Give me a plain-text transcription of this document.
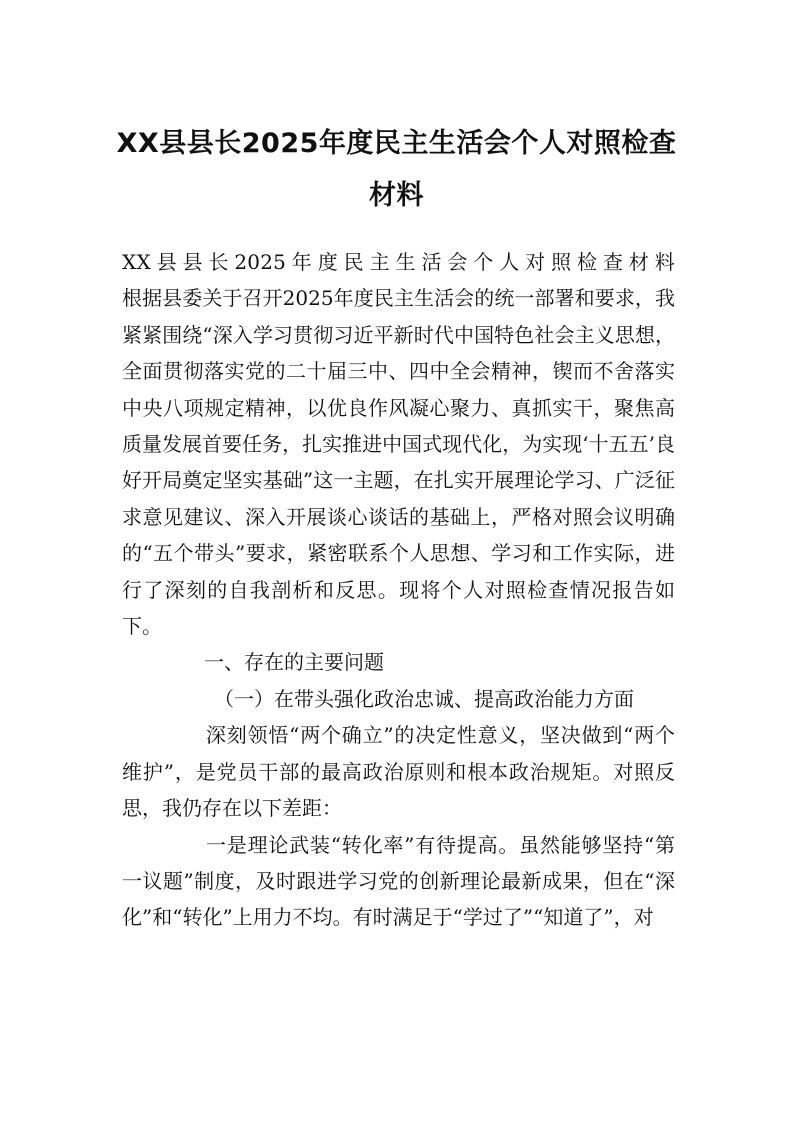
XX县县长2025年度民主生活会个人对照检查材料

XX县县长2025年度民主生活会个人对照检查材料

根据县委关于召开2025年度民主生活会的统一部署和要求，我紧紧围绕“深入学习贯彻习近平新时代中国特色社会主义思想，全面贯彻落实党的二十届三中、四中全会精神，锲而不舍落实中央八项规定精神，以优良作风凝心聚力、真抓实干，聚焦高质量发展首要任务，扎实推进中国式现代化，为实现‘十五五’良好开局奠定坚实基础”这一主题，在扎实开展理论学习、广泛征求意见建议、深入开展谈心谈话的基础上，严格对照会议明确的“五个带头”要求，紧密联系个人思想、学习和工作实际，进行了深刻的自我剖析和反思。现将个人对照检查情况报告如下。

一、存在的主要问题

（一）在带头强化政治忠诚、提高政治能力方面

深刻领悟“两个确立”的决定性意义，坚决做到“两个维护”，是党员干部的最高政治原则和根本政治规矩。对照反思，我仍存在以下差距：

一是理论武装“转化率”有待提高。虽然能够坚持“第一议题”制度，及时跟进学习党的创新理论最新成果，但在“深化”和“转化”上用力不均。有时满足于“学过了”“知道了”，对
